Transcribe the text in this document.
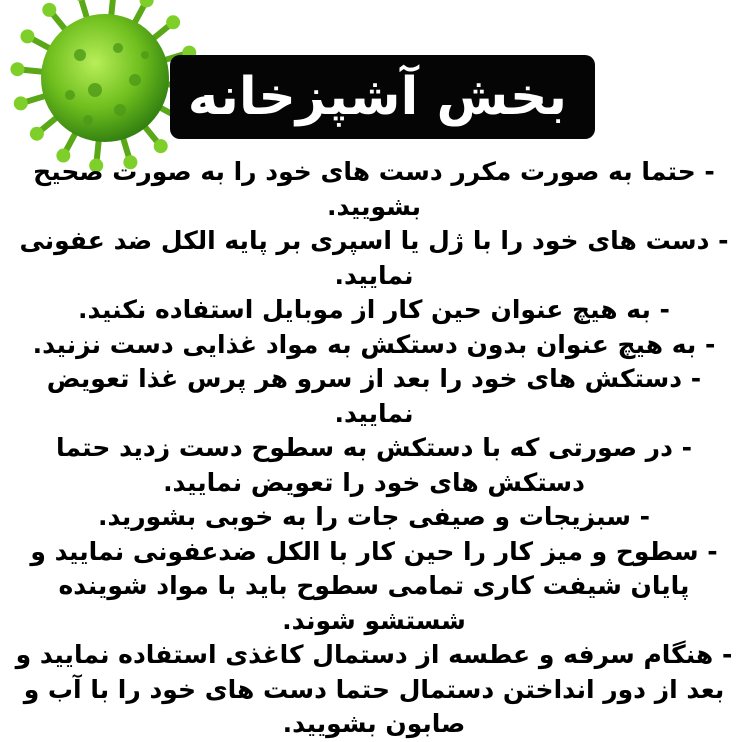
بخش آشپزخانه

- حتما به صورت مکرر دست های خود را به صورت صحیح بشویید.

- دست های خود را با ژل یا اسپری بر پایه الکل ضد عفونی نمایید.

- به هیچ عنوان حین کار از موبایل استفاده نکنید.

- به هیچ عنوان بدون دستکش به مواد غذایی دست نزنید.

- دستکش های خود را بعد از سرو هر پرس غذا تعویض نمایید.

- در صورتی که با دستکش به سطوح دست زدید حتما دستکش های خود را تعویض نمایید.

- سبزیجات و صیفی جات را به خوبی بشورید.

- سطوح و میز کار را حین کار با الکل ضدعفونی نمایید و پایان شیفت کاری تمامی سطوح باید با مواد شوینده شستشو شوند.

- هنگام سرفه و عطسه از دستمال کاغذی استفاده نمایید و بعد از دور انداختن دستمال حتما دست های خود را با آب و صابون بشویید.
